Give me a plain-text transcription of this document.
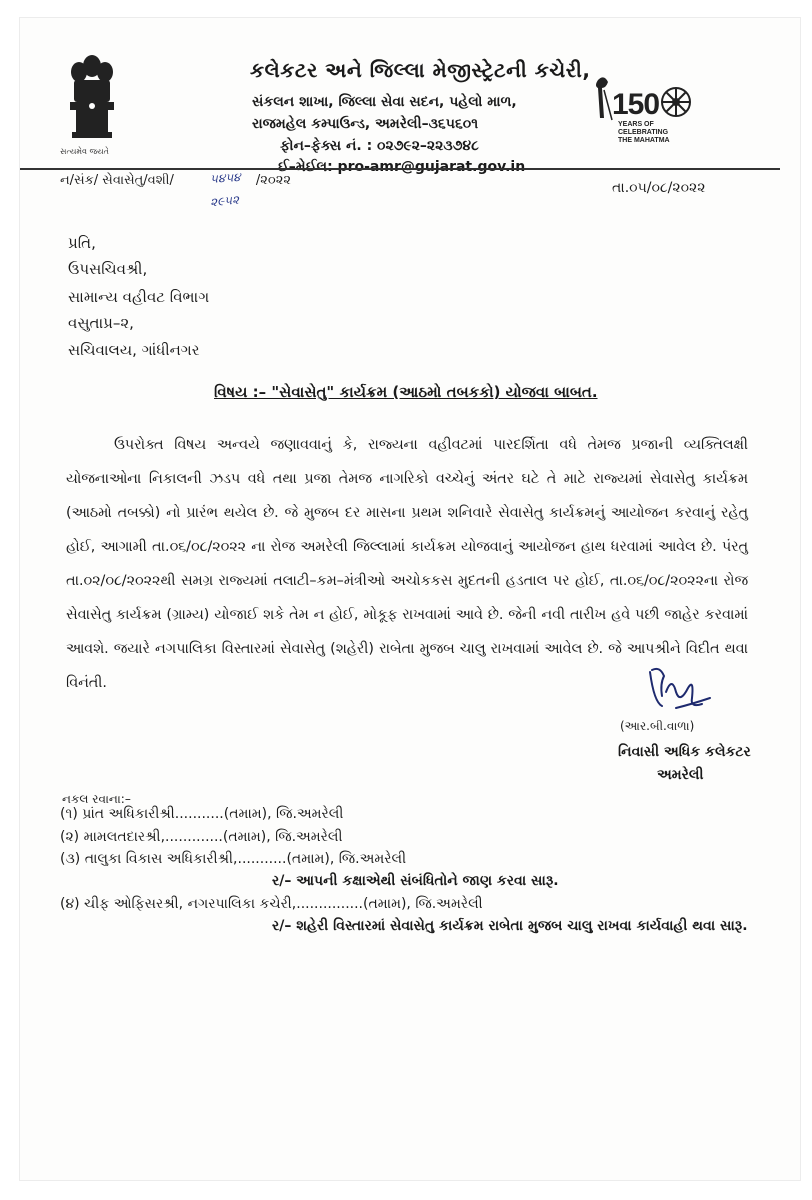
સત્યમેવ જયતે
કલેકટર અને જિલ્લા મેજીસ્ટ્રેટની કચેરી,
સંકલન શાખા, જિલ્લા સેવા સદન, પહેલો માળ,
રાજમહેલ કમ્પાઉન્ડ, અમરેલી–૩૬૫૬૦૧
ફોન–ફેક્સ નં. : ૦૨૭૯૨–૨૨૩૭૪૮
ઈ–મેઈલ: pro-amr@gujarat.gov.in
150
YEARS OF
CELEBRATING
THE MAHATMA
ન/સંક/ સેવાસેતુ/વશી/	/૨૦૨૨
૫૪૫૪
૨૯૫૨
તા.૦૫/૦૮/૨૦૨૨
પ્રતિ,
ઉપસચિવશ્રી,
સામાન્ય વહીવટ વિભાગ
વસુતાપ્ર–૨,
સચિવાલય, ગાંધીનગર
વિષય :– "સેવાસેતુ" કાર્યક્રમ (આઠમો તબકકો) યોજવા બાબત.
ઉપરોક્ત વિષય અન્વયે જણાવવાનું કે, રાજ્યના વહીવટમાં પારદર્શિતા વધે તેમજ પ્રજાની વ્યક્તિલક્ષી યોજનાઓના નિકાલની ઝડપ વધે તથા પ્રજા તેમજ નાગરિકો વચ્ચેનું અંતર ઘટે તે માટે રાજ્યમાં સેવાસેતુ કાર્યક્રમ (આઠમો તબક્કો) નો પ્રારંભ થયેલ છે. જે મુજબ દર માસના પ્રથમ શનિવારે સેવાસેતુ કાર્યક્રમનું આયોજન કરવાનું રહેતુ હોઈ, આગામી તા.૦૬/૦૮/૨૦૨૨ ના રોજ અમરેલી જિલ્લામાં કાર્યક્રમ યોજવાનું આયોજન હાથ ધરવામાં આવેલ છે. પંરતુ તા.૦૨/૦૮/૨૦૨૨થી સમગ્ર રાજ્યમાં તલાટી–કમ–મંત્રીઓ અચોકકસ મુદતની હડતાલ પર હોઈ, તા.૦૬/૦૮/૨૦૨૨ના રોજ સેવાસેતુ કાર્યક્રમ (ગ્રામ્ય) યોજાઈ શકે તેમ ન હોઈ, મોકૂફ રાખવામાં આવે છે. જેની નવી તારીખ હવે પછી જાહેર કરવામાં આવશે. જયારે નગપાલિકા વિસ્તારમાં સેવાસેતુ (શહેરી) રાબેતા મુજબ ચાલુ રાખવામાં આવેલ છે. જે આપશ્રીને વિદીત થવા વિનંતી.
(આર.બી.વાળા)
નિવાસી અધિક કલેકટર
અમરેલી
નકલ રવાના:–
(૧) પ્રાંત અધિકારીશ્રી...........(તમામ), જિ.અમરેલી
(૨) મામલતદારશ્રી,.............(તમામ), જિ.અમરેલી
(૩) તાલુકા વિકાસ અધિકારીશ્રી,...........(તમામ), જિ.અમરેલી
ર/– આપની કક્ષાએથી સંબંધિતોને જાણ કરવા સારૂ.
(૪) ચીફ ઓફિસરશ્રી, નગરપાલિકા કચેરી,...............(તમામ), જિ.અમરેલી
ર/– શહેરી વિસ્તારમાં સેવાસેતુ કાર્યક્રમ રાબેતા મુજબ ચાલુ રાખવા કાર્યવાહી થવા સારૂ.
